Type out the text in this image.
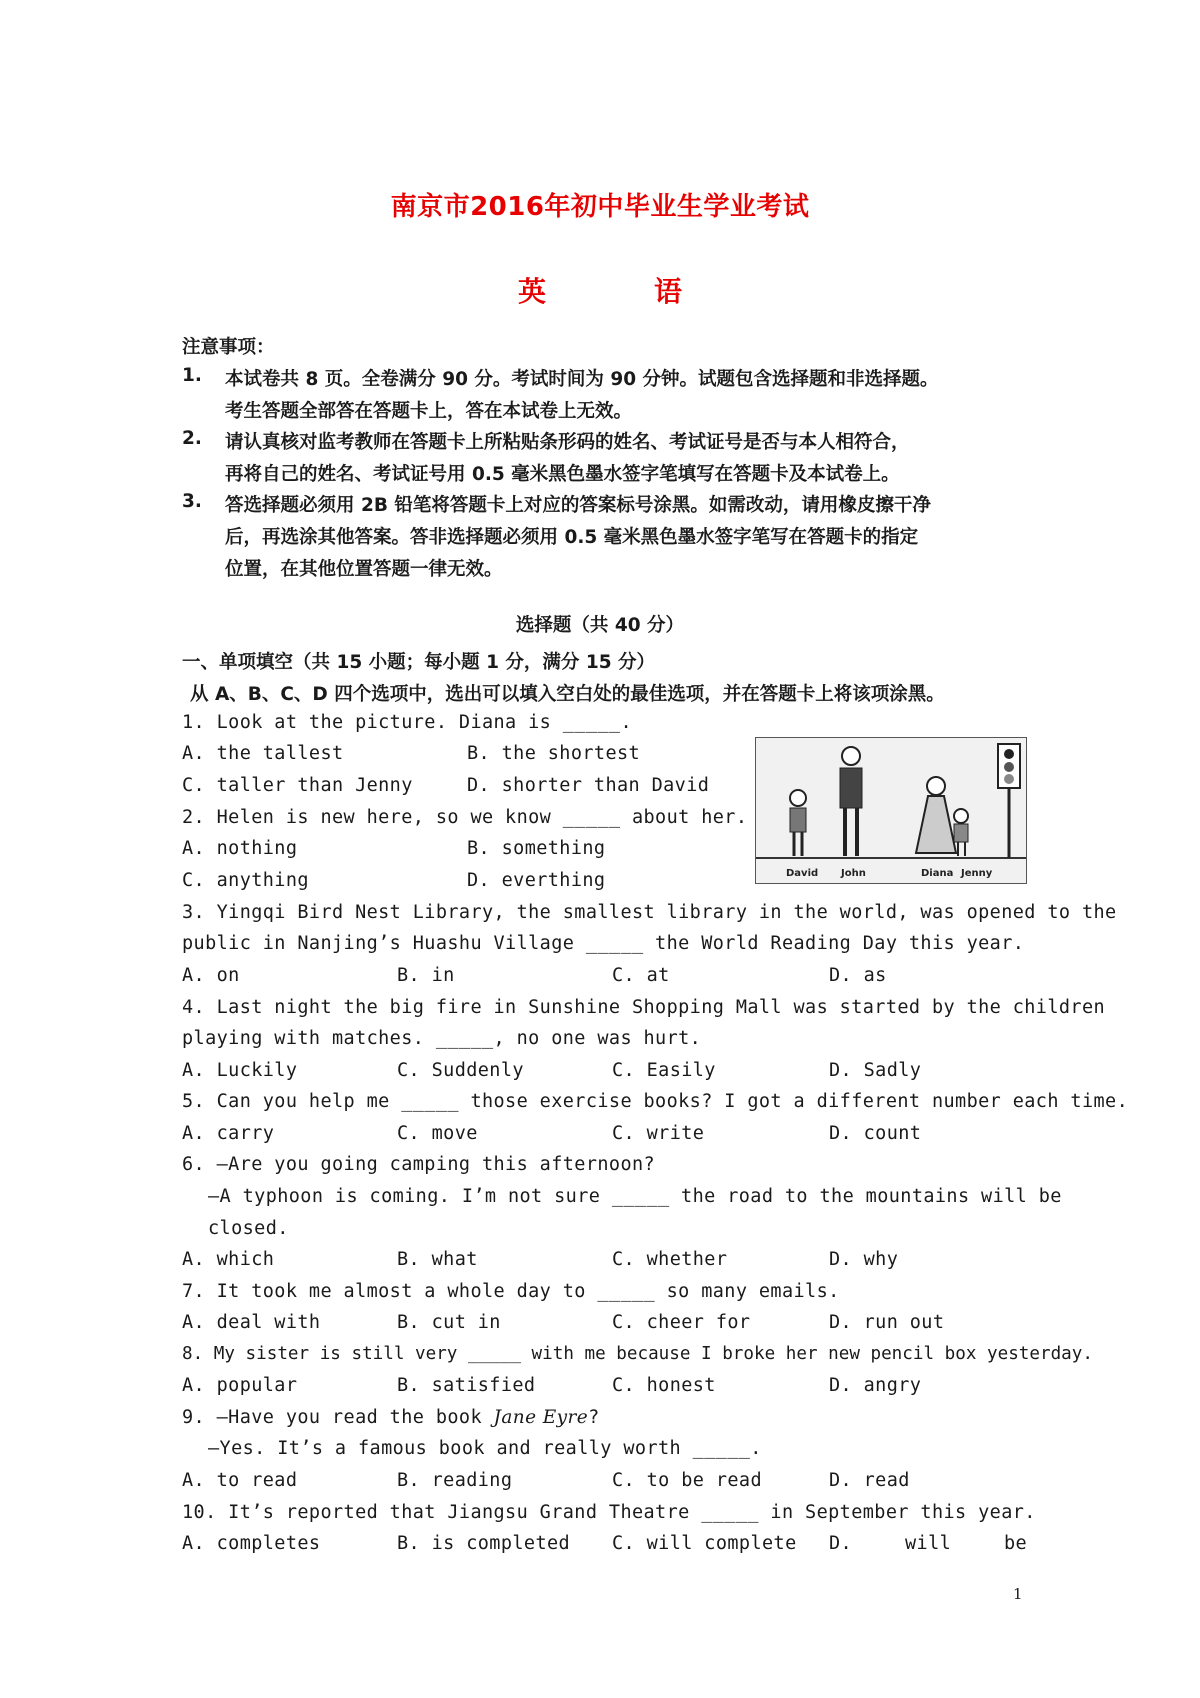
南京市2016年初中毕业生学业考试
英语
注意事项：
1. 本试卷共 8 页。全卷满分 90 分。考试时间为 90 分钟。试题包含选择题和非选择题。
考生答题全部答在答题卡上，答在本试卷上无效。
2. 请认真核对监考教师在答题卡上所粘贴条形码的姓名、考试证号是否与本人相符合，
再将自己的姓名、考试证号用 0.5 毫米黑色墨水签字笔填写在答题卡及本试卷上。
3. 答选择题必须用 2B 铅笔将答题卡上对应的答案标号涂黑。如需改动，请用橡皮擦干净
后，再选涂其他答案。答非选择题必须用 0.5 毫米黑色墨水签字笔写在答题卡的指定
位置，在其他位置答题一律无效。
选择题（共 40 分）
一、单项填空（共 15 小题；每小题 1 分，满分 15 分）
从 A、B、C、D 四个选项中，选出可以填入空白处的最佳选项，并在答题卡上将该项涂黑。
David John	Diana Jenny
1. Look at the picture. Diana is _____.
A. the tallest	B. the shortest
C. taller than Jenny	D. shorter than David
2. Helen is new here, so we know _____ about her.
A. nothing	B. something
C. anything	D. everthing
3. Yingqi Bird Nest Library, the smallest library in the world, was opened to the
public in Nanjing’s Huashu Village _____ the World Reading Day this year.
A. on	B. in	C. at	D. as
4. Last night the big fire in Sunshine Shopping Mall was started by the children
playing with matches. _____, no one was hurt.
A. Luckily	C. Suddenly	C. Easily	D. Sadly
5. Can you help me _____ those exercise books? I got a different number each time.
A. carry	C. move	C. write	D. count
6. —Are you going camping this afternoon?
—A typhoon is coming. I’m not sure _____ the road to the mountains will be
closed.
A. which	B. what	C. whether	D. why
7. It took me almost a whole day to _____ so many emails.
A. deal with	B. cut in	C. cheer for	D. run out
8. My sister is still very _____ with me because I broke her new pencil box yesterday.
A. popular	B. satisfied	C. honest	D. angry
9. —Have you read the book Jane Eyre?
—Yes. It’s a famous book and really worth _____.
A. to read	B. reading	C. to be read	D. read
10. It’s reported that Jiangsu Grand Theatre _____ in September this year.
A. completes	B. is completed C. will complete D.	will	be
1
